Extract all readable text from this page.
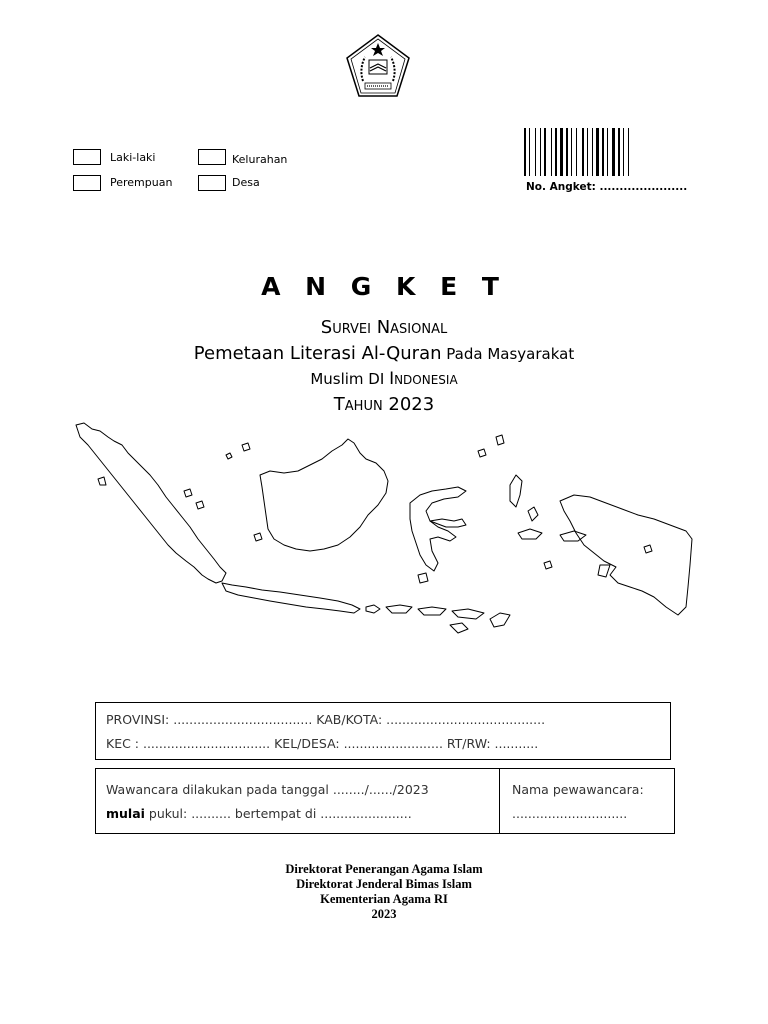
Laki-laki
Perempuan
Kelurahan
Desa	No. Angket: ......................
A N G K E T
Survei Nasional
Pemetaan Literasi Al-Quran Pada Masyarakat
Muslim DI Indonesia
Tahun 2023
PROVINSI: ................................... KAB/KOTA: ........................................
KEC : ................................ KEL/DESA: ......................... RT/RW: ...........
Wawancara dilakukan pada tanggal ......../....../2023
mulai pukul: .......... bertempat di .......................
Nama pewawancara:
.............................
Direktorat Penerangan Agama Islam
Direktorat Jenderal Bimas Islam
Kementerian Agama RI
2023
